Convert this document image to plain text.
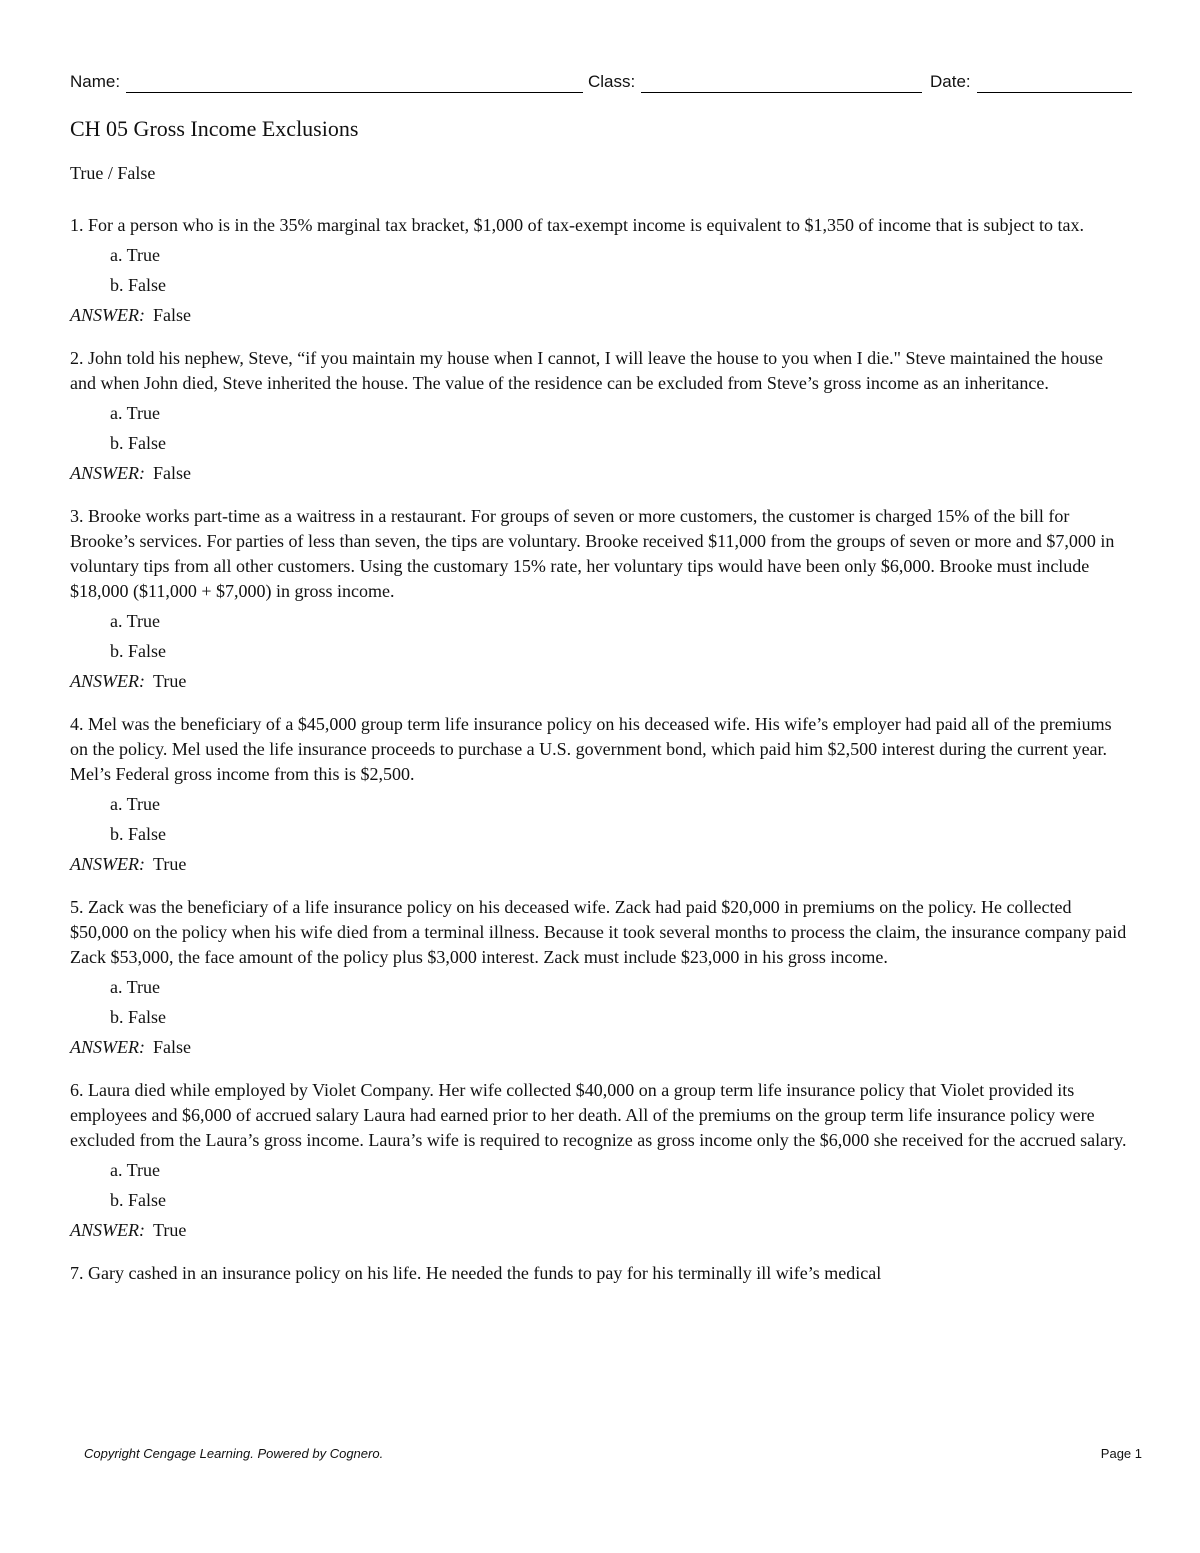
Name:	Class:	Date:
CH 05 Gross Income Exclusions
True / False

1. For a person who is in the 35% marginal tax bracket, $1,000 of tax-exempt income is equivalent to $1,350 of income that is subject to tax.

a. True
b. False
ANSWER: False

2. John told his nephew, Steve, “if you maintain my house when I cannot, I will leave the house to you when I die." Steve maintained the house and when John died, Steve inherited the house. The value of the residence can be excluded from Steve’s gross income as an inheritance.

a. True
b. False
ANSWER: False

3. Brooke works part-time as a waitress in a restaurant. For groups of seven or more customers, the customer is charged 15% of the bill for Brooke’s services. For parties of less than seven, the tips are voluntary. Brooke received $11,000 from the groups of seven or more and $7,000 in voluntary tips from all other customers. Using the customary 15% rate, her voluntary tips would have been only $6,000. Brooke must include $18,000 ($11,000 + $7,000) in gross income.

a. True
b. False
ANSWER: True

4. Mel was the beneficiary of a $45,000 group term life insurance policy on his deceased wife. His wife’s employer had paid all of the premiums on the policy. Mel used the life insurance proceeds to purchase a U.S. government bond, which paid him $2,500 interest during the current year. Mel’s Federal gross income from this is $2,500.

a. True
b. False
ANSWER: True

5. Zack was the beneficiary of a life insurance policy on his deceased wife. Zack had paid $20,000 in premiums on the policy. He collected $50,000 on the policy when his wife died from a terminal illness. Because it took several months to process the claim, the insurance company paid Zack $53,000, the face amount of the policy plus $3,000 interest. Zack must include $23,000 in his gross income.

a. True
b. False
ANSWER: False

6. Laura died while employed by Violet Company. Her wife collected $40,000 on a group term life insurance policy that Violet provided its employees and $6,000 of accrued salary Laura had earned prior to her death. All of the premiums on the group term life insurance policy were excluded from the Laura’s gross income. Laura’s wife is required to recognize as gross income only the $6,000 she received for the accrued salary.

a. True
b. False
ANSWER: True

7. Gary cashed in an insurance policy on his life. He needed the funds to pay for his terminally ill wife’s medical

Copyright Cengage Learning. Powered by Cognero.	Page 1
